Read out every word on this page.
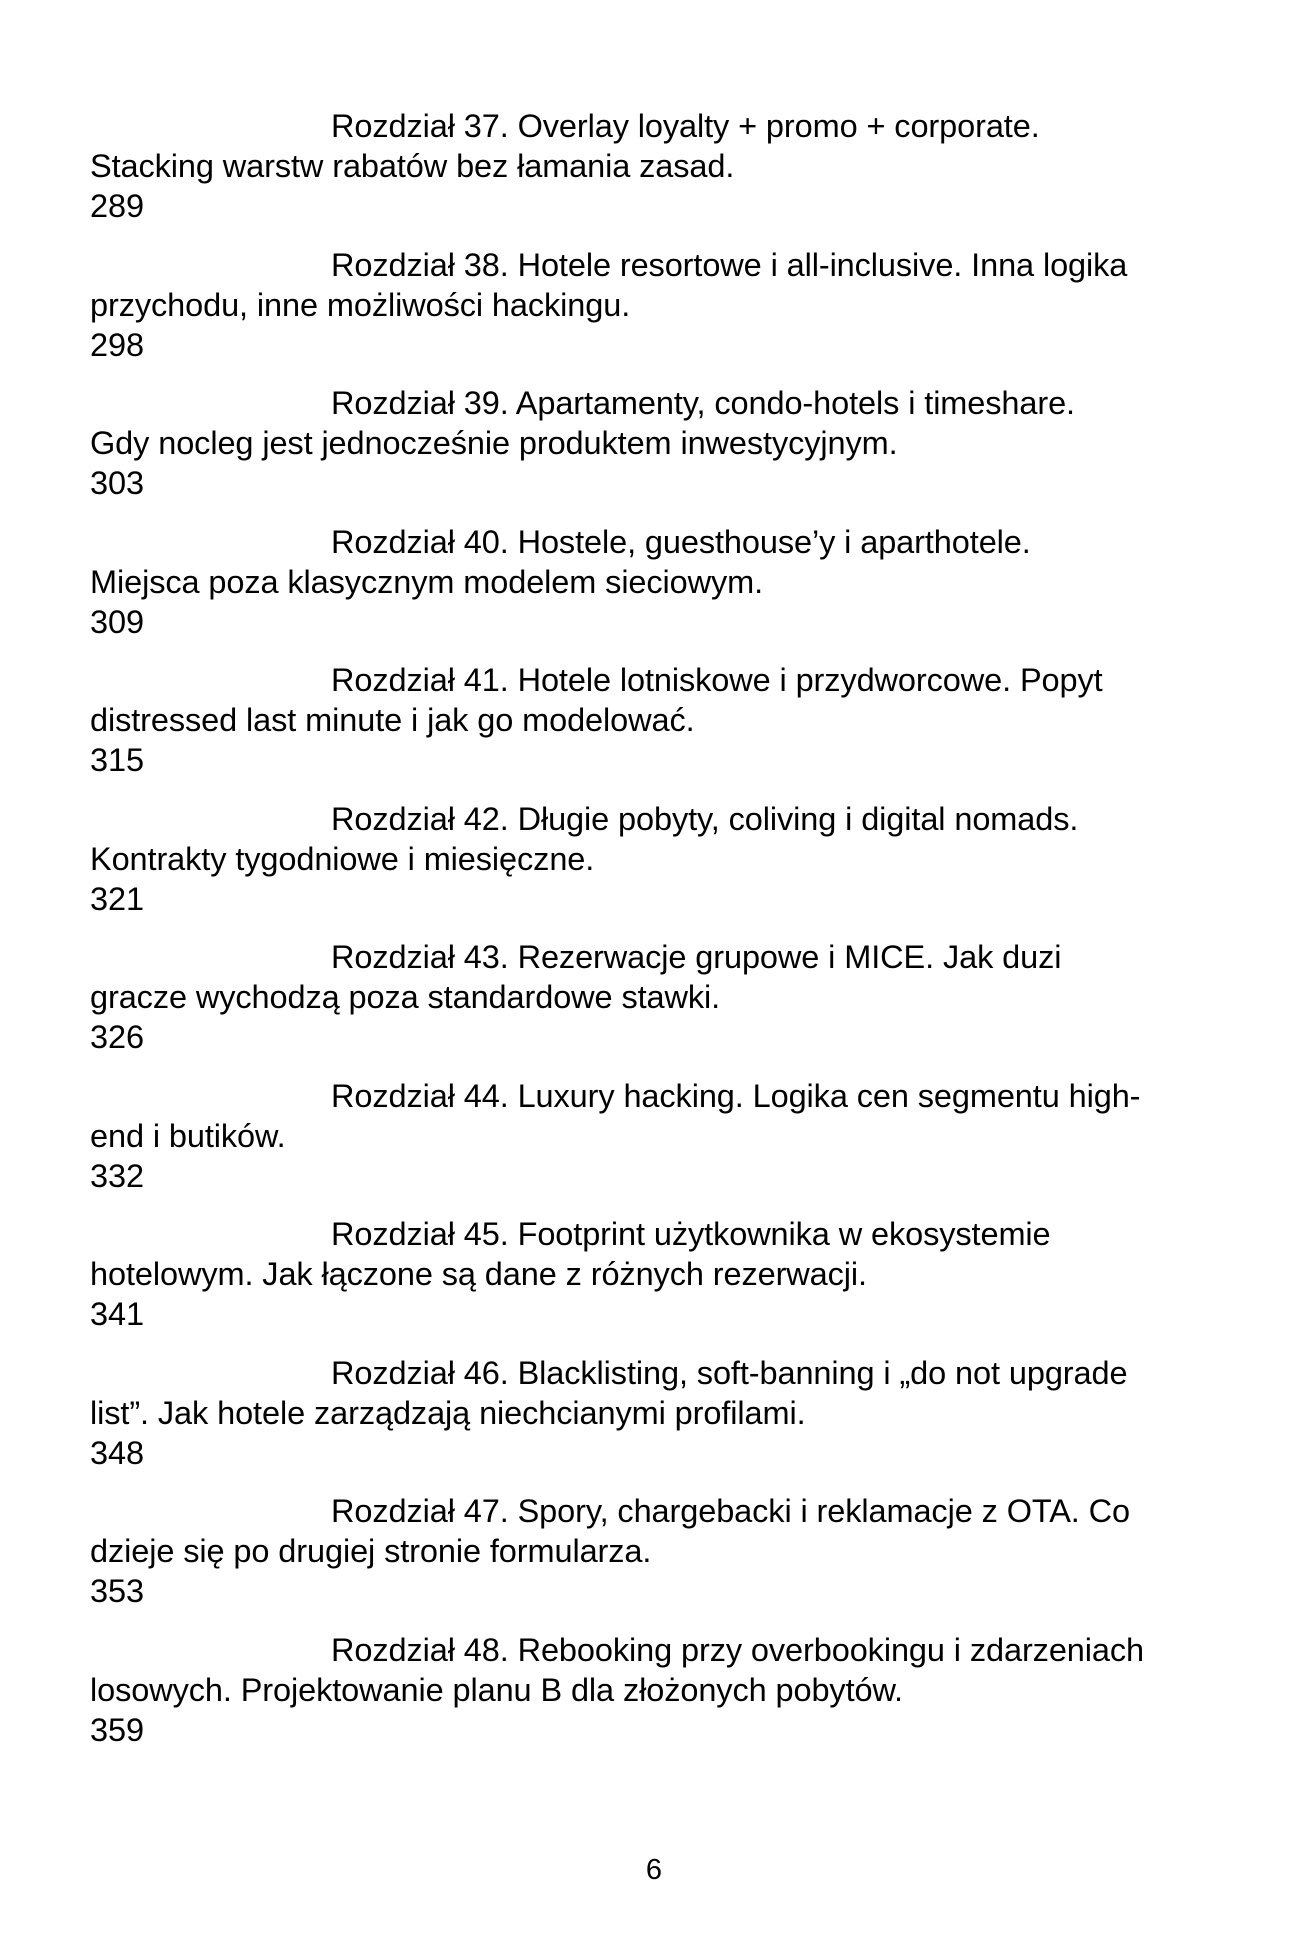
Rozdział 37. Overlay loyalty + promo + corporate.
Stacking warstw rabatów bez łamania zasad.
289
Rozdział 38. Hotele resortowe i all-inclusive. Inna logika
przychodu, inne możliwości hackingu.
298
Rozdział 39. Apartamenty, condo-hotels i timeshare.
Gdy nocleg jest jednocześnie produktem inwestycyjnym.
303
Rozdział 40. Hostele, guesthouse’y i aparthotele.
Miejsca poza klasycznym modelem sieciowym.
309
Rozdział 41. Hotele lotniskowe i przydworcowe. Popyt
distressed last minute i jak go modelować.
315
Rozdział 42. Długie pobyty, coliving i digital nomads.
Kontrakty tygodniowe i miesięczne.
321
Rozdział 43. Rezerwacje grupowe i MICE. Jak duzi
gracze wychodzą poza standardowe stawki.
326
Rozdział 44. Luxury hacking. Logika cen segmentu high-
end i butików.
332
Rozdział 45. Footprint użytkownika w ekosystemie
hotelowym. Jak łączone są dane z różnych rezerwacji.
341
Rozdział 46. Blacklisting, soft-banning i „do not upgrade
list”. Jak hotele zarządzają niechcianymi profilami.
348
Rozdział 47. Spory, chargebacki i reklamacje z OTA. Co
dzieje się po drugiej stronie formularza.
353
Rozdział 48. Rebooking przy overbookingu i zdarzeniach
losowych. Projektowanie planu B dla złożonych pobytów.
359
6
